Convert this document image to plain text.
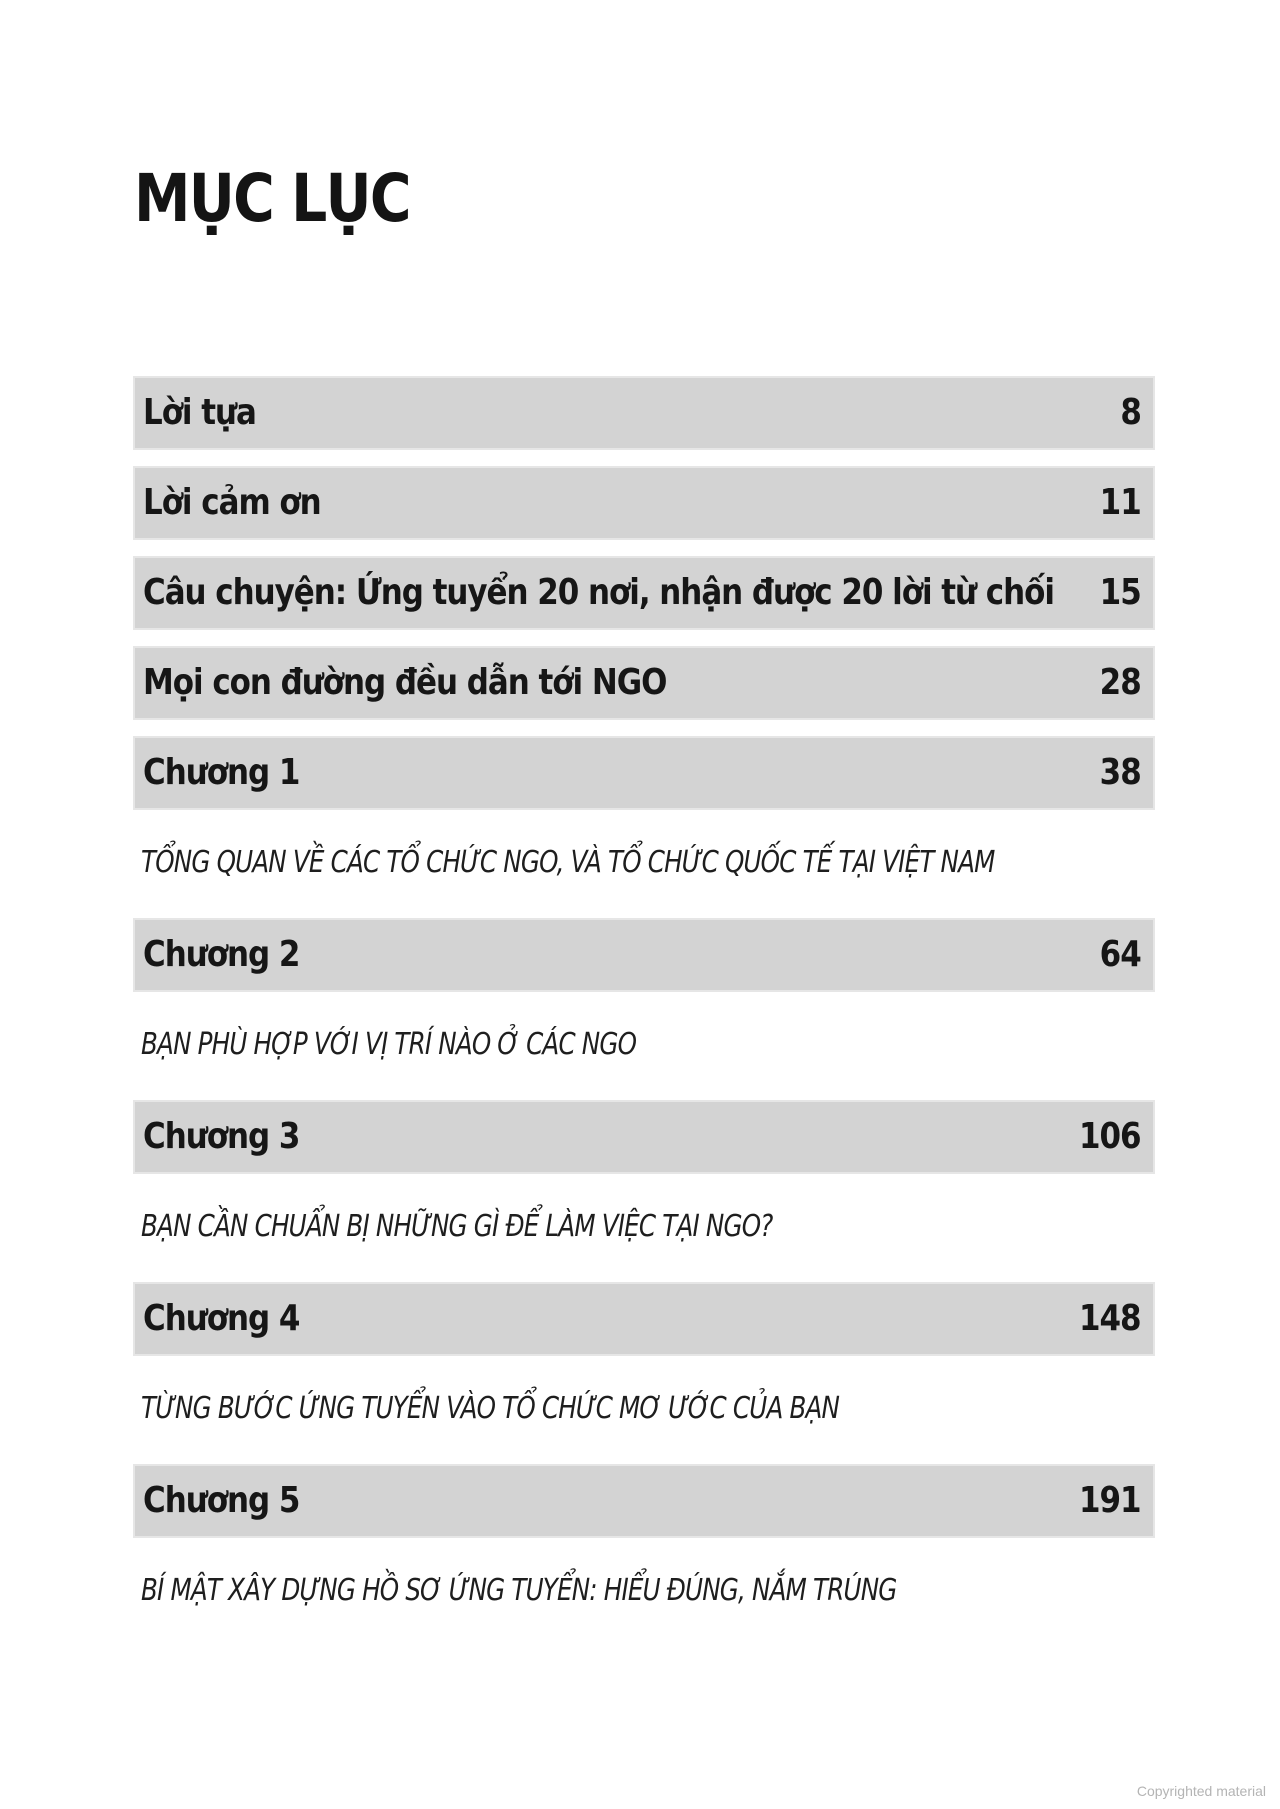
MỤC LỤC
Lời tựa	8
Lời cảm ơn	11
Câu chuyện: Ứng tuyển 20 nơi, nhận được 20 lời từ chối 15
Mọi con đường đều dẫn tới NGO	28
Chương 1	38
TỔNG QUAN VỀ CÁC TỔ CHỨC NGO, VÀ TỔ CHỨC QUỐC TẾ TẠI VIỆT NAM
Chương 2	64
BẠN PHÙ HỢP VỚI VỊ TRÍ NÀO Ở CÁC NGO
Chương 3	106
BẠN CẦN CHUẨN BỊ NHỮNG GÌ ĐỂ LÀM VIỆC TẠI NGO?
Chương 4	148
TỪNG BƯỚC ỨNG TUYỂN VÀO TỔ CHỨC MƠ ƯỚC CỦA BẠN
Chương 5	191
BÍ MẬT XÂY DỰNG HỒ SƠ ỨNG TUYỂN: HIỂU ĐÚNG, NẮM TRÚNG
Copyrighted material
